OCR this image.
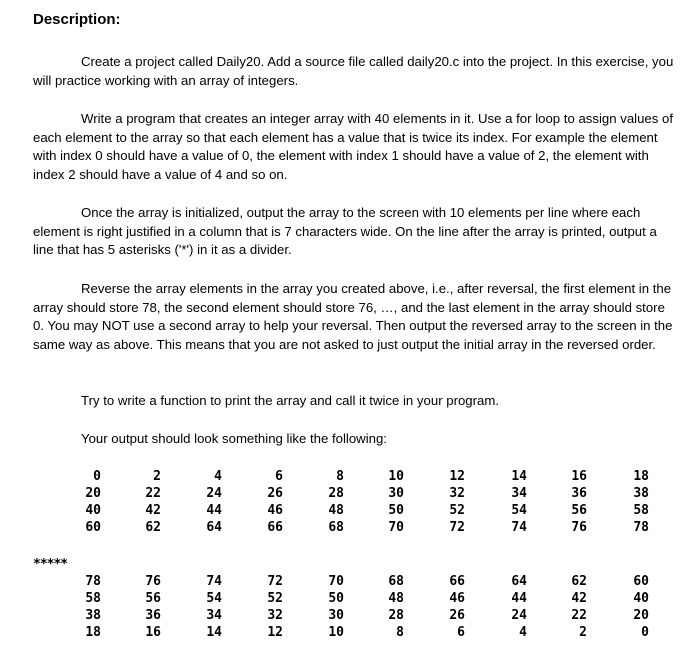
Description:

Create a project called Daily20. Add a source file called daily20.c into the project. In this exercise, you will practice working with an array of integers.

Write a program that creates an integer array with 40 elements in it. Use a for loop to assign values of each element to the array so that each element has a value that is twice its index. For example the element with index 0 should have a value of 0, the element with index 1 should have a value of 2, the element with index 2 should have a value of 4 and so on.

Once the array is initialized, output the array to the screen with 10 elements per line where each element is right justified in a column that is 7 characters wide. On the line after the array is printed, output a line that has 5 asterisks ('*') in it as a divider.

Reverse the array elements in the array you created above, i.e., after reversal, the first element in the array should store 78, the second element should store 76, …, and the last element in the array should store 0. You may NOT use a second array to help your reversal. Then output the reversed array to the screen in the same way as above. This means that you are not asked to just output the initial array in the reversed order.

Try to write a function to print the array and call it twice in your program.

Your output should look something like the following:

0	2	4	6	8	10	12	14	16	18
20	22	24	26	28	30	32	34	36	38
40	42	44	46	48	50	52	54	56	58
60	62	64	66	68	70	72	74	76	78
*****
78	76	74	72	70	68	66	64	62	60
58	56	54	52	50	48	46	44	42	40
38	36	34	32	30	28	26	24	22	20
18	16	14	12	10	8	6	4	2	0
